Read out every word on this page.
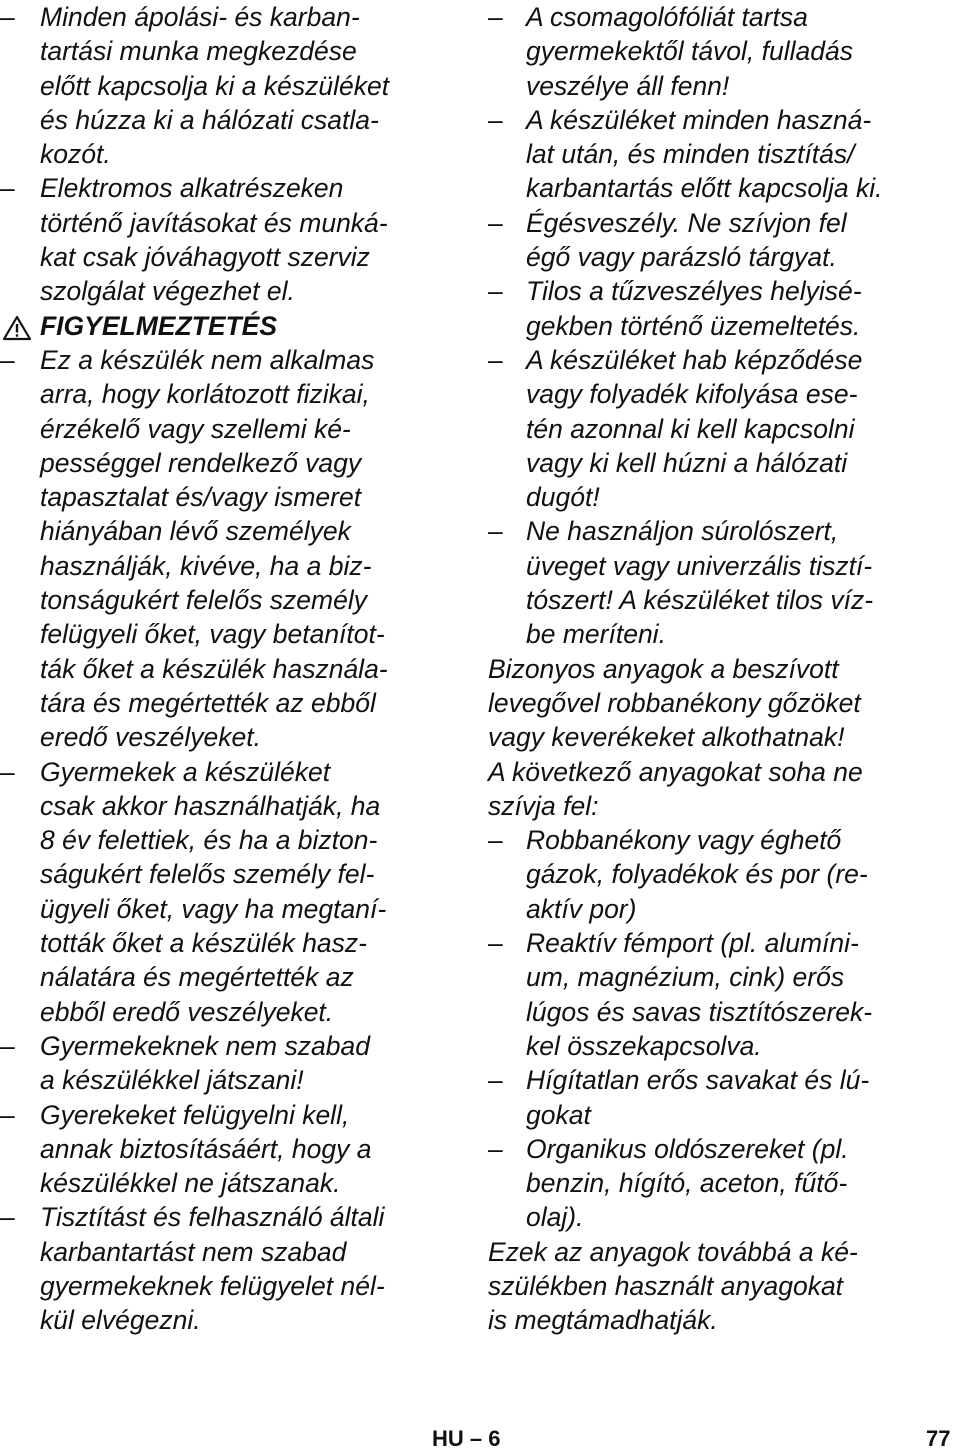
– Minden ápolási- és karban-
tartási munka megkezdése
előtt kapcsolja ki a készüléket
és húzza ki a hálózati csatla-
kozót.
– Elektromos alkatrészeken
történő javításokat és munká-
kat csak jóváhagyott szerviz
szolgálat végezhet el.
FIGYELMEZTETÉS
– Ez a készülék nem alkalmas
arra, hogy korlátozott fizikai,
érzékelő vagy szellemi ké-
pességgel rendelkező vagy
tapasztalat és/vagy ismeret
hiányában lévő személyek
használják, kivéve, ha a biz-
tonságukért felelős személy
felügyeli őket, vagy betanítot-
ták őket a készülék használa-
tára és megértették az ebből
eredő veszélyeket.
– Gyermekek a készüléket
csak akkor használhatják, ha
8 év felettiek, és ha a bizton-
ságukért felelős személy fel-
ügyeli őket, vagy ha megtaní-
tották őket a készülék hasz-
nálatára és megértették az
ebből eredő veszélyeket.
– Gyermekeknek nem szabad
a készülékkel játszani!
– Gyerekeket felügyelni kell,
annak biztosításáért, hogy a
készülékkel ne játszanak.
– Tisztítást és felhasználó általi
karbantartást nem szabad
gyermekeknek felügyelet nél-
kül elvégezni.
– A csomagolófóliát tartsa
gyermekektől távol, fulladás
veszélye áll fenn!
– A készüléket minden haszná-
lat után, és minden tisztítás/
karbantartás előtt kapcsolja ki.
– Égésveszély. Ne szívjon fel
égő vagy parázsló tárgyat.
– Tilos a tűzveszélyes helyisé-
gekben történő üzemeltetés.
– A készüléket hab képződése
vagy folyadék kifolyása ese-
tén azonnal ki kell kapcsolni
vagy ki kell húzni a hálózati
dugót!
– Ne használjon súrolószert,
üveget vagy univerzális tisztí-
tószert! A készüléket tilos víz-
be meríteni.

Bizonyos anyagok a beszívott
levegővel robbanékony gőzöket
vagy keverékeket alkothatnak!

A következő anyagokat soha ne
szívja fel:

– Robbanékony vagy éghető
gázok, folyadékok és por (re-
aktív por)
– Reaktív fémport (pl. alumíni-
um, magnézium, cink) erős
lúgos és savas tisztítószerek-
kel összekapcsolva.
– Hígítatlan erős savakat és lú-
gokat
– Organikus oldószereket (pl.
benzin, hígító, aceton, fűtő-
olaj).

Ezek az anyagok továbbá a ké-
szülékben használt anyagokat
is megtámadhatják.

HU – 6	77
